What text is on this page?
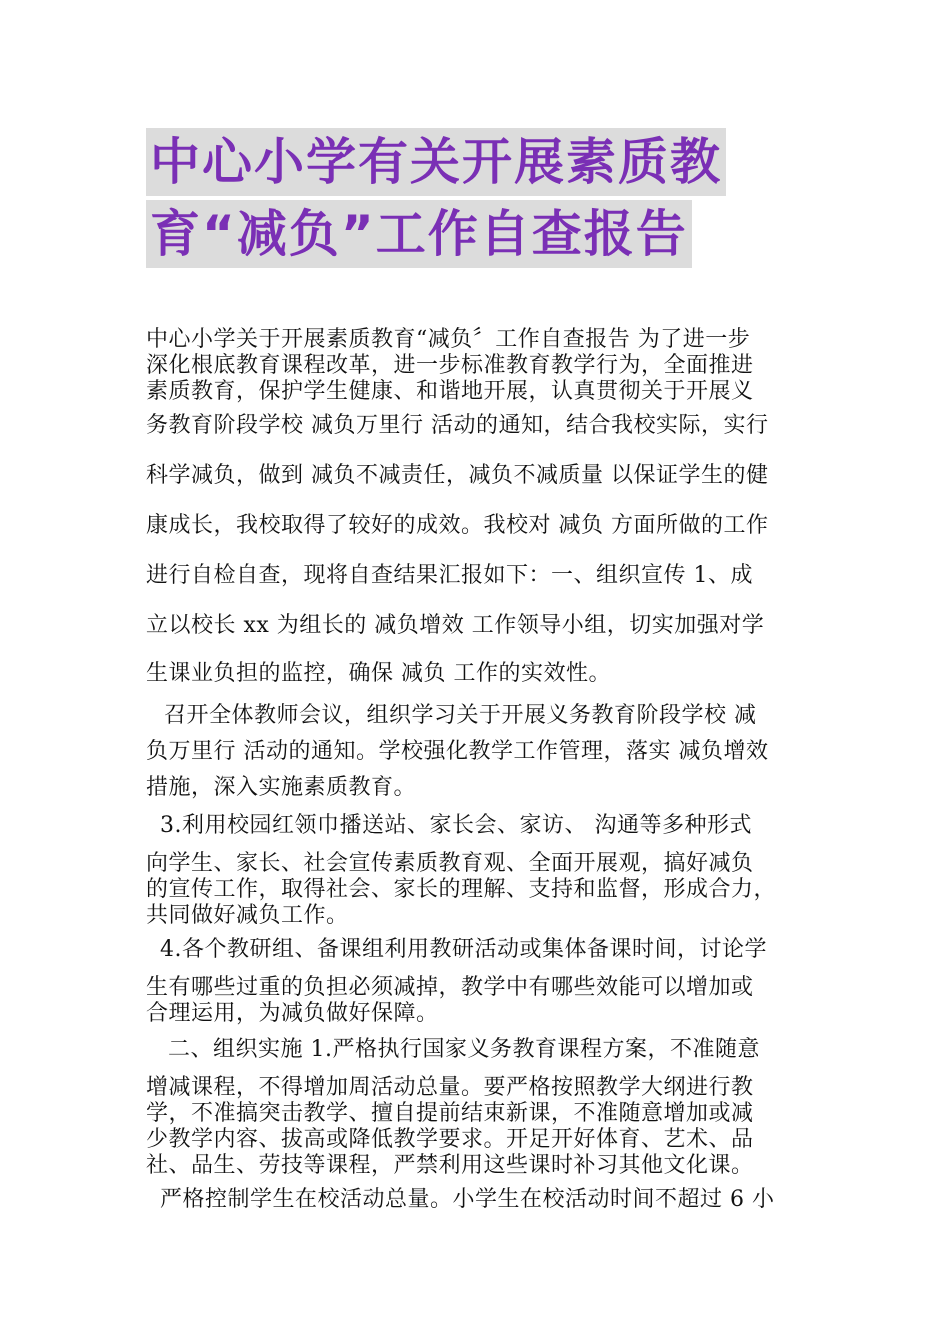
中心小学有关开展素质教
育“减负”工作自查报告
中心小学关于开展素质教育“减负〞工作自查报告 为了进一步
深化根底教育课程改革，进一步标准教育教学行为，全面推进
素质教育，保护学生健康、和谐地开展，认真贯彻关于开展义
务教育阶段学校 减负万里行 活动的通知，结合我校实际，实行
科学减负，做到 减负不减责任，减负不减质量 以保证学生的健
康成长，我校取得了较好的成效。我校对 减负 方面所做的工作
进行自检自查，现将自查结果汇报如下：一、组织宣传 1、成
立以校长 xx 为组长的 减负增效 工作领导小组，切实加强对学
生课业负担的监控，确保 减负 工作的实效性。
召开全体教师会议，组织学习关于开展义务教育阶段学校 减
负万里行 活动的通知。学校强化教学工作管理，落实 减负增效
措施，深入实施素质教育。
3.利用校园红领巾播送站、家长会、家访、 沟通等多种形式
向学生、家长、社会宣传素质教育观、全面开展观，搞好减负
的宣传工作，取得社会、家长的理解、支持和监督，形成合力，
共同做好减负工作。
4.各个教研组、备课组利用教研活动或集体备课时间，讨论学
生有哪些过重的负担必须减掉，教学中有哪些效能可以增加或
合理运用，为减负做好保障。
二、组织实施 1.严格执行国家义务教育课程方案，不准随意
增减课程，不得增加周活动总量。要严格按照教学大纲进行教
学，不准搞突击教学、擅自提前结束新课，不准随意增加或减
少教学内容、拔高或降低教学要求。开足开好体育、艺术、品
社、品生、劳技等课程，严禁利用这些课时补习其他文化课。
严格控制学生在校活动总量。小学生在校活动时间不超过 6 小
